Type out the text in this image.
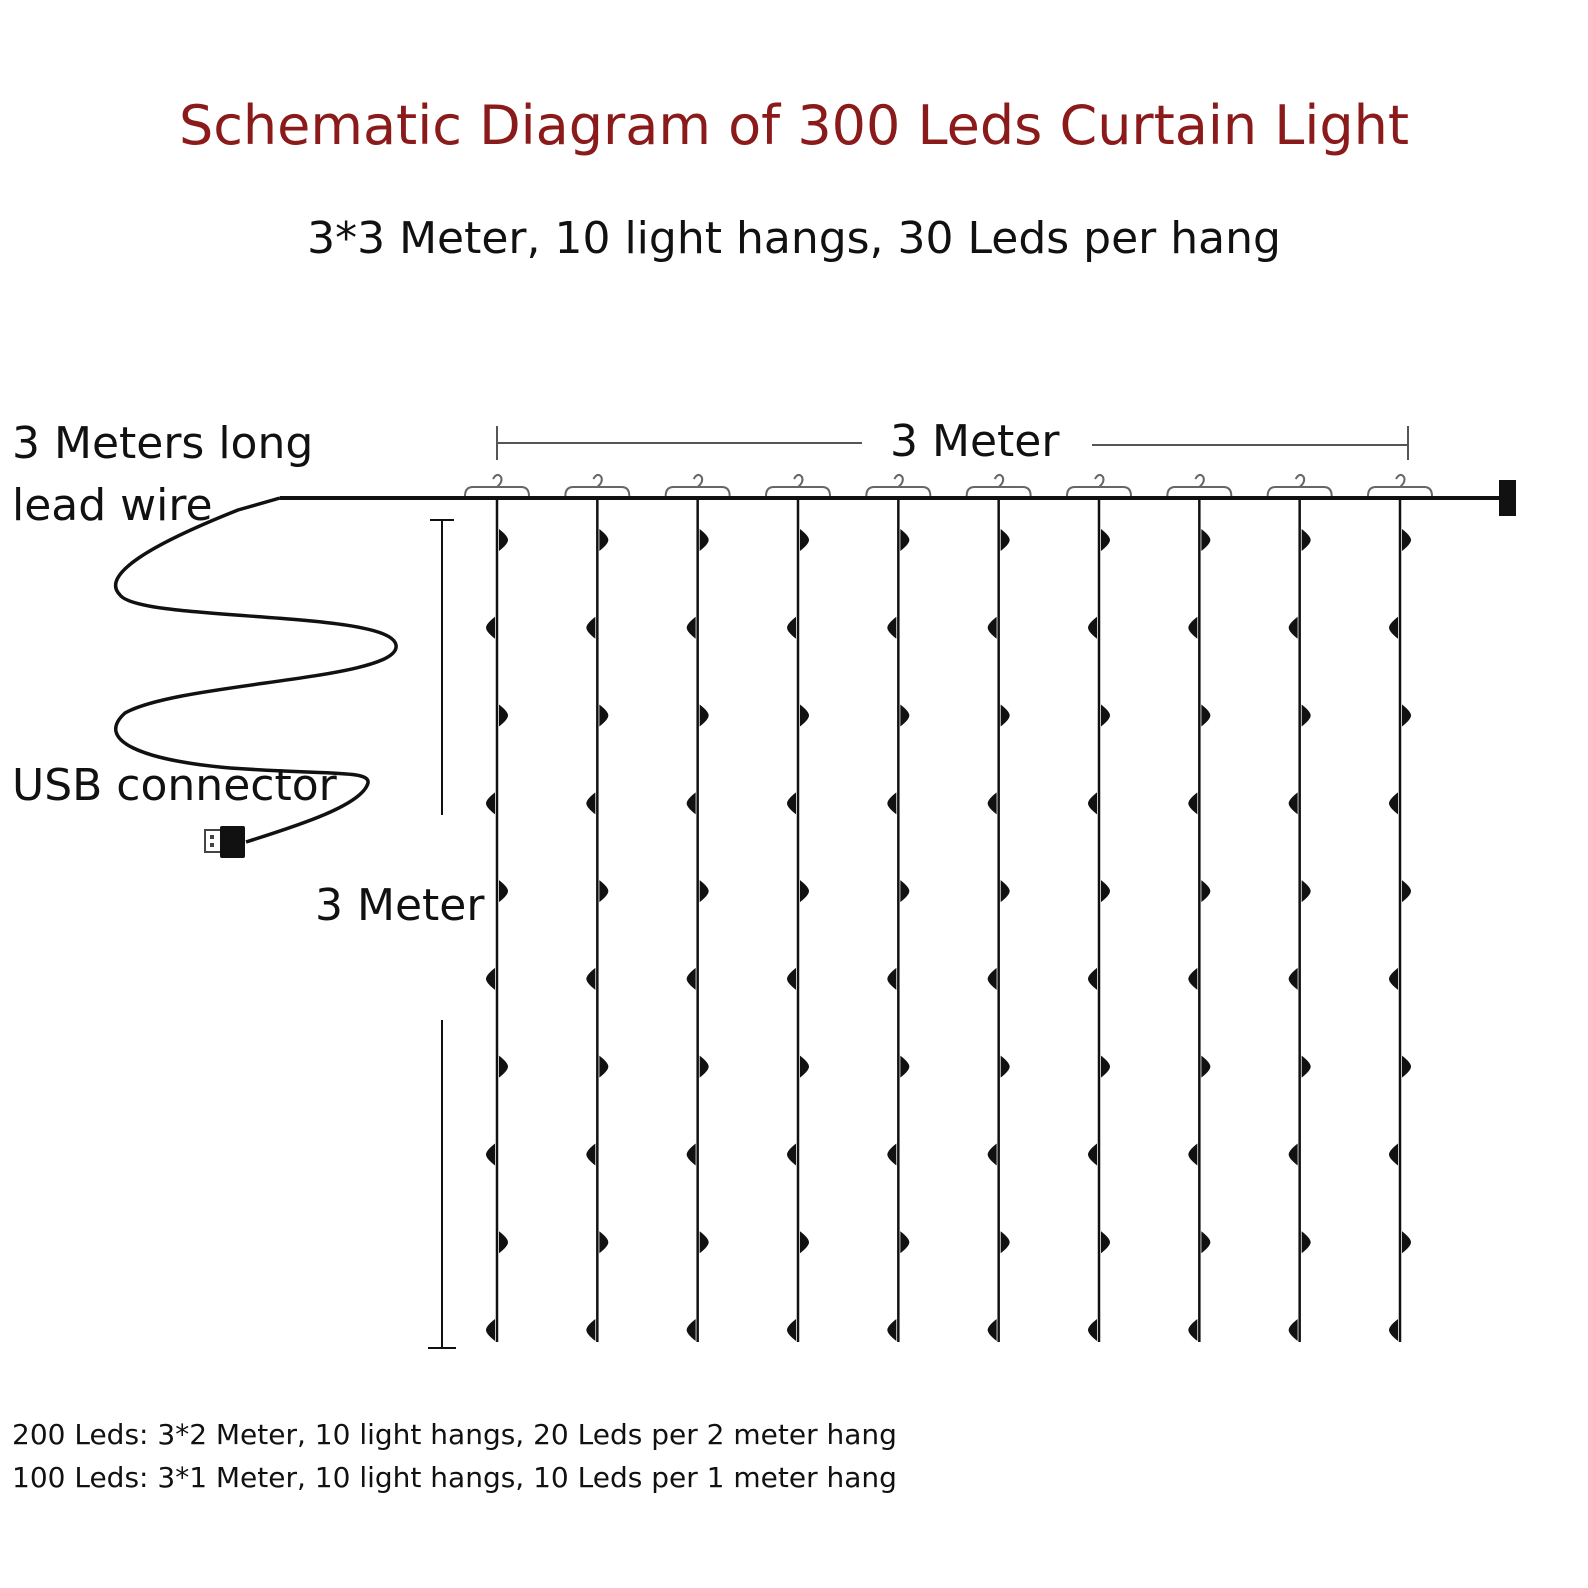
Schematic Diagram of 300 Leds Curtain Light
3*3 Meter, 10 light hangs, 30 Leds per hang
3 Meters long
lead wire
USB connector
3 Meter
3 Meter
200 Leds: 3*2 Meter, 10 light hangs, 20 Leds per 2 meter hang
100 Leds: 3*1 Meter, 10 light hangs, 10 Leds per 1 meter hang
